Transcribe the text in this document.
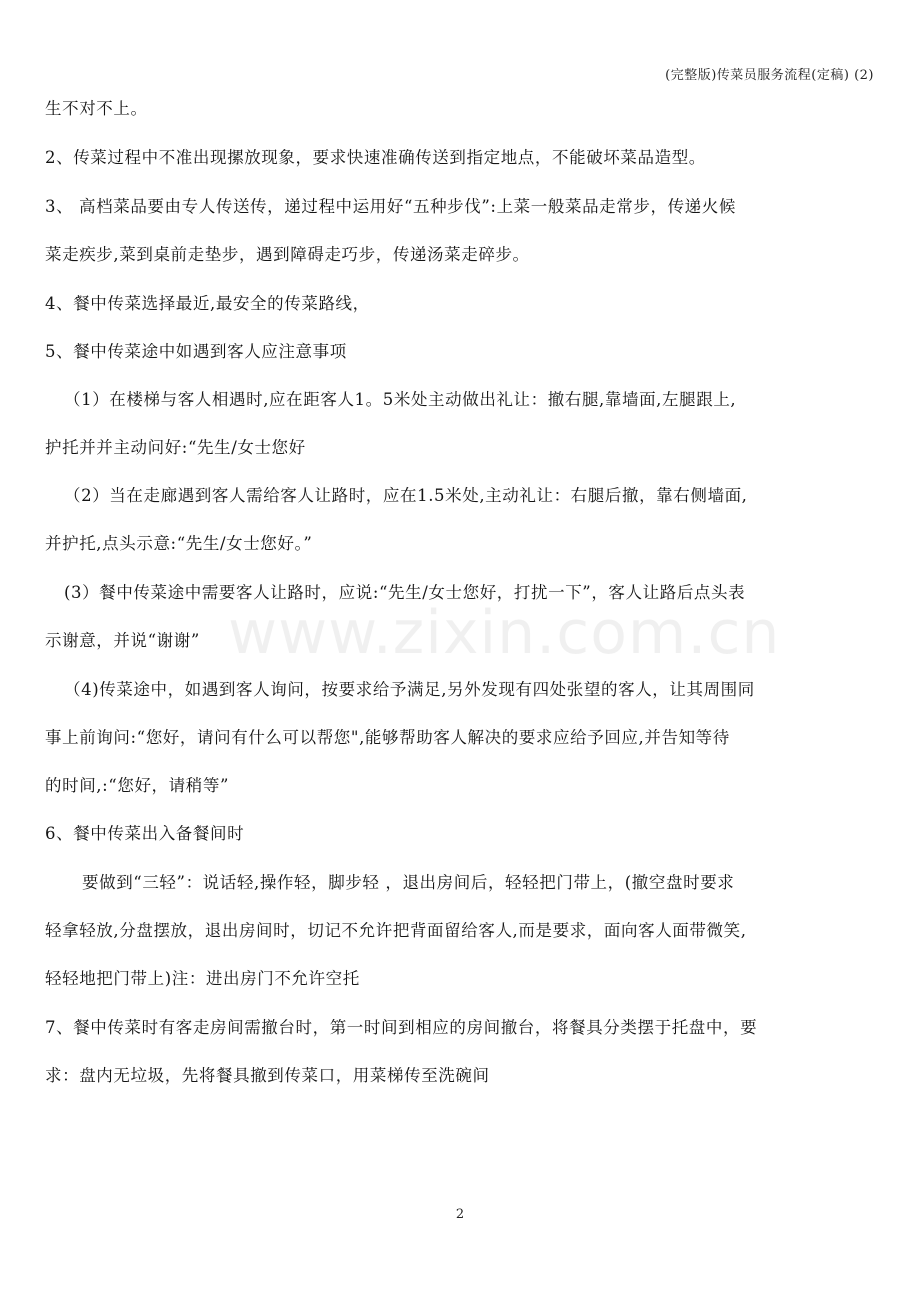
(完整版)传菜员服务流程(定稿) (2)
www.zixin.com.cn
生不对不上。
2、传菜过程中不准出现摞放现象，要求快速准确传送到指定地点，不能破坏菜品造型。
3、 高档菜品要由专人传送传，递过程中运用好“五种步伐”:上菜一般菜品走常步，传递火候
菜走疾步,菜到桌前走垫步，遇到障碍走巧步，传递汤菜走碎步。
4、餐中传菜选择最近,最安全的传菜路线，
5、餐中传菜途中如遇到客人应注意事项
（1）在楼梯与客人相遇时,应在距客人1。5米处主动做出礼让：撤右腿,靠墙面,左腿跟上,
护托并并主动问好:“先生/女士您好
（2）当在走廊遇到客人需给客人让路时，应在1.5米处,主动礼让：右腿后撤，靠右侧墙面,
并护托,点头示意:“先生/女士您好。”
(3）餐中传菜途中需要客人让路时，应说:“先生/女士您好，打扰一下”，客人让路后点头表
示谢意，并说“谢谢”
（4)传菜途中，如遇到客人询问，按要求给予满足,另外发现有四处张望的客人，让其周围同
事上前询问:“您好，请问有什么可以帮您",能够帮助客人解决的要求应给予回应,并告知等待
的时间,:“您好，请稍等”
6、餐中传菜出入备餐间时
要做到“三轻”：说话轻,操作轻，脚步轻 ，退出房间后，轻轻把门带上，(撤空盘时要求
轻拿轻放,分盘摆放，退出房间时，切记不允许把背面留给客人,而是要求，面向客人面带微笑,
轻轻地把门带上)注：进出房门不允许空托
7、餐中传菜时有客走房间需撤台时，第一时间到相应的房间撤台，将餐具分类摆于托盘中，要
求：盘内无垃圾，先将餐具撤到传菜口，用菜梯传至洗碗间
2
